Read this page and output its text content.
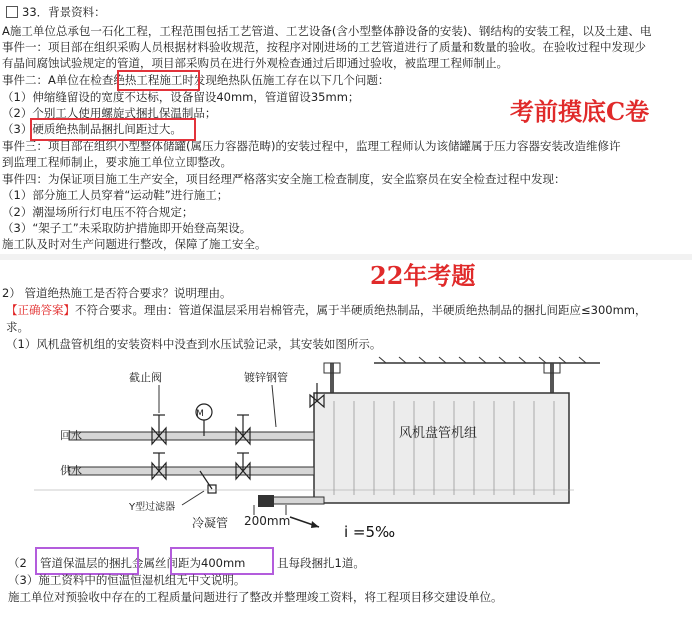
33．背景资料：
A施工单位总承包一石化工程，工程范围包括工艺管道、工艺设备(含小型整体静设备的安装)、钢结构的安装工程，以及土建、电
事件一：项目部在组织采购人员根据材料验收规范，按程序对刚进场的工艺管道进行了质量和数量的验收。在验收过程中发现少
有晶间腐蚀试验规定的管道，项目部采购员在进行外观检查通过后即通过验收，被监理工程师制止。
事件二：A单位在检查绝热工程施工时发现绝热队伍施工存在以下几个问题：
（1）伸缩缝留设的宽度不达标，设备留设40mm，管道留设35mm；
（2）个别工人使用螺旋式捆扎保温制品；
（3）硬质绝热制品捆扎间距过大。
事件三：项目部在组织小型整体储罐(属压力容器范畴)的安装过程中，监理工程师认为该储罐属于压力容器安装改造维修许
到监理工程师制止，要求施工单位立即整改。
事件四：为保证项目施工生产安全，项目经理严格落实安全施工检查制度，安全监察员在安全检查过程中发现：
（1）部分施工人员穿着“运动鞋”进行施工；
（2）潮湿场所行灯电压不符合规定；
（3）“架子工”未采取防护措施即开始登高架设。
施工队及时对生产问题进行整改，保障了施工安全。
考前摸底C卷
22年考题
2） 管道绝热施工是否符合要求？说明理由。
【正确答案】不符合要求。理由：管道保温层采用岩棉管壳，属于半硬质绝热制品，半硬质绝热制品的捆扎间距应≤300mm，
求。
（1）风机盘管机组的安装资料中没查到水压试验记录，其安装如图所示。
风机盘管机组
回水
供水
M
截止阀	镀锌钢管
Y型过滤器
冷凝管 200mm
i =5‰
（2 管道保温层的捆扎金属丝间距为400mm	且每段捆扎1道。
（3）施工资料中的恒温恒湿机组无中文说明。
施工单位对预验收中存在的工程质量问题进行了整改并整理竣工资料，将工程项目移交建设单位。
